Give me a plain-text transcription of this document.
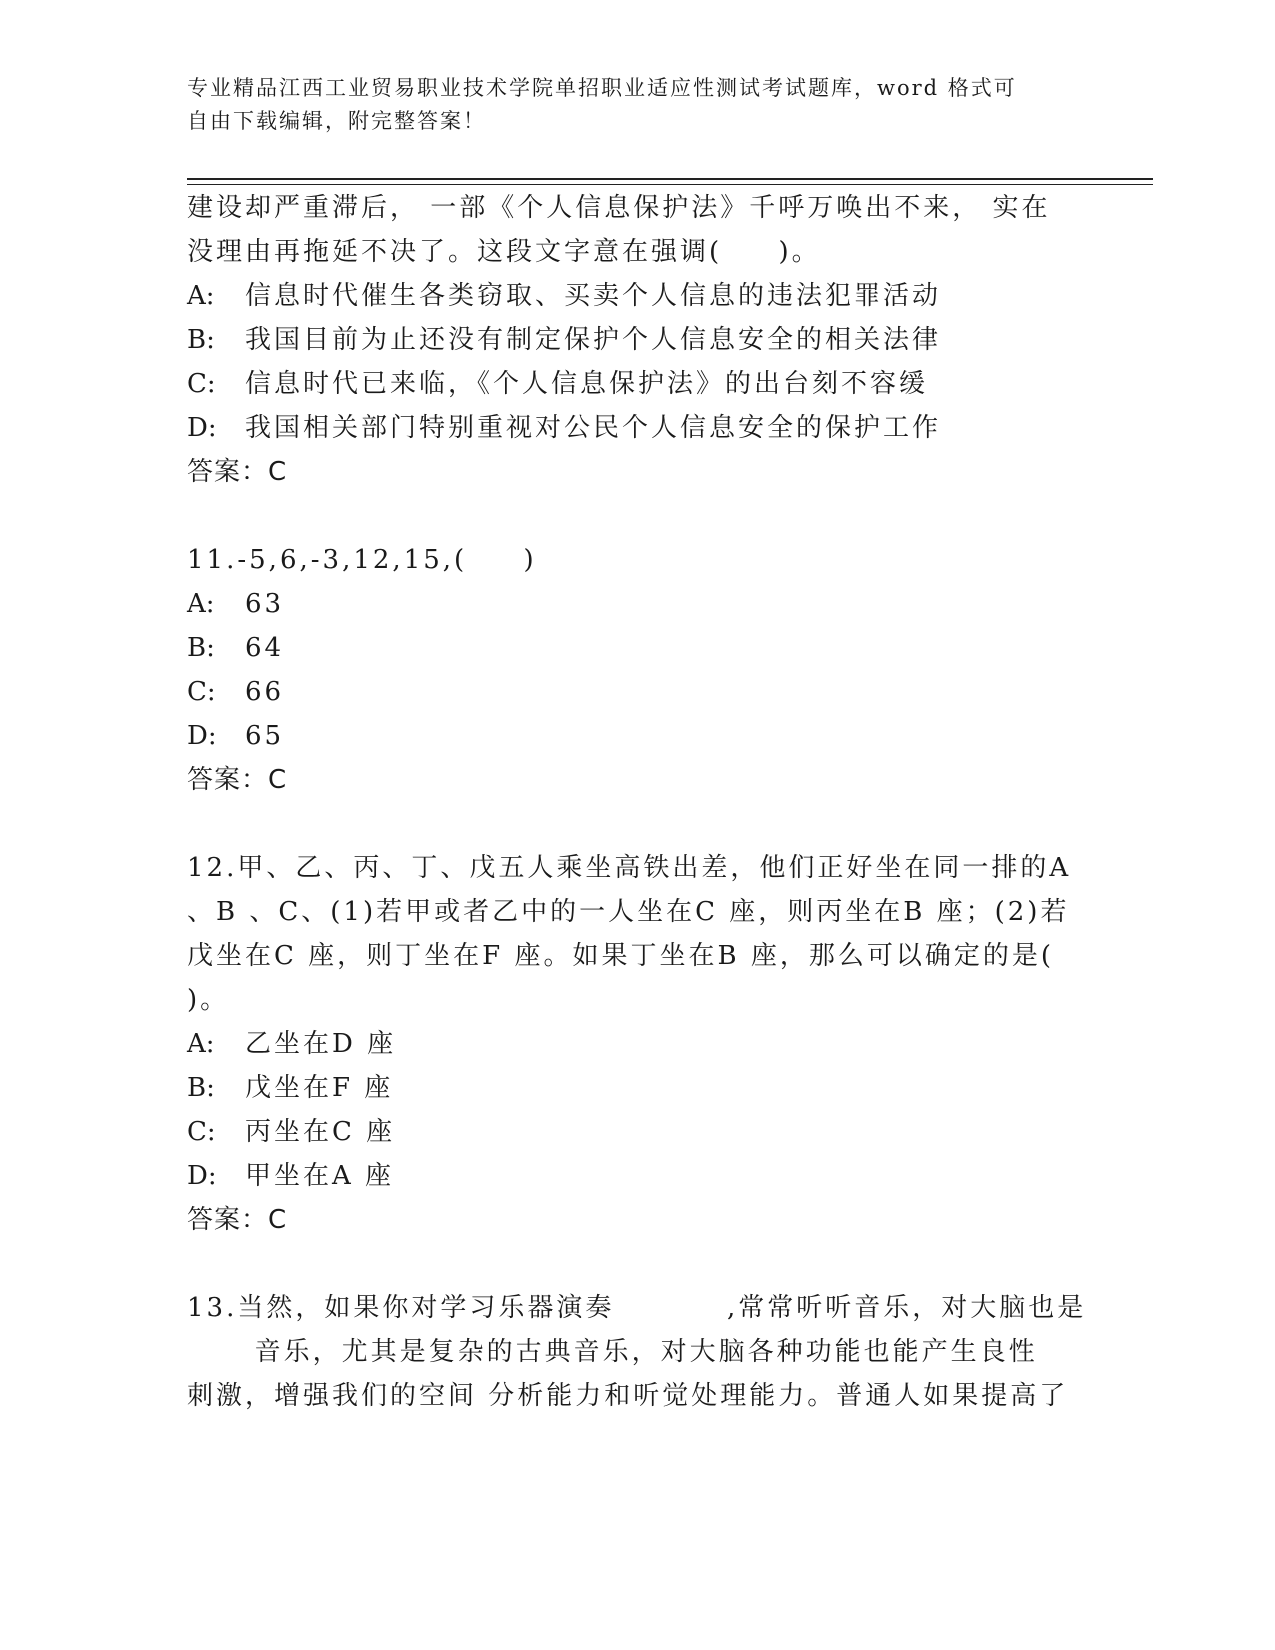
专业精品江西工业贸易职业技术学院单招职业适应性测试考试题库，word 格式可
自由下载编辑，附完整答案！
建设却严重滞后， 一部《个人信息保护法》千呼万唤出不来， 实在
没理由再拖延不决了。这段文字意在强调(     )。
A: 信息时代催生各类窃取、买卖个人信息的违法犯罪活动
B: 我国目前为止还没有制定保护个人信息安全的相关法律
C: 信息时代已来临，《个人信息保护法》的出台刻不容缓
D: 我国相关部门特别重视对公民个人信息安全的保护工作
答案：C
11.-5,6,-3,12,15,(     )
A: 63
B: 64
C: 66
D: 65
答案：C
12.甲、乙、丙、丁、戊五人乘坐高铁出差，他们正好坐在同一排的A
、B 、C、(1)若甲或者乙中的一人坐在C 座，则丙坐在B 座；(2)若
戊坐在C 座，则丁坐在F 座。如果丁坐在B 座，那么可以确定的是(
)。
A: 乙坐在D 座
B: 戊坐在F 座
C: 丙坐在C 座
D: 甲坐在A 座
答案：C
13.当然，如果你对学习乐器演奏          ,常常听听音乐，对大脑也是
音乐，尤其是复杂的古典音乐，对大脑各种功能也能产生良性
刺激，增强我们的空间 分析能力和听觉处理能力。普通人如果提高了
